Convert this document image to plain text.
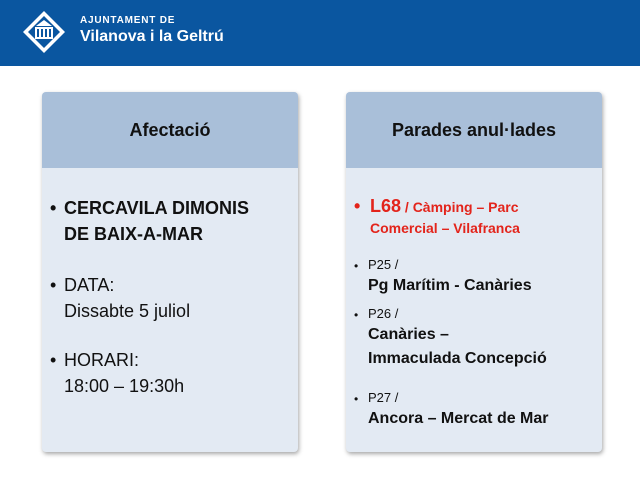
AJUNTAMENT DE
Vilanova i la Geltrú
Afectació
• CERCAVILA DIMONIS
DE BAIX-A-MAR
• DATA:
Dissabte 5 juliol
• HORARI:
18:00 – 19:30h
Parades anul·lades
• L68 / Càmping – Parc
Comercial – Vilafranca
• P25 /
Pg Marítim - Canàries
• P26 /
Canàries –
Immaculada Concepció
• P27 /
Ancora – Mercat de Mar
